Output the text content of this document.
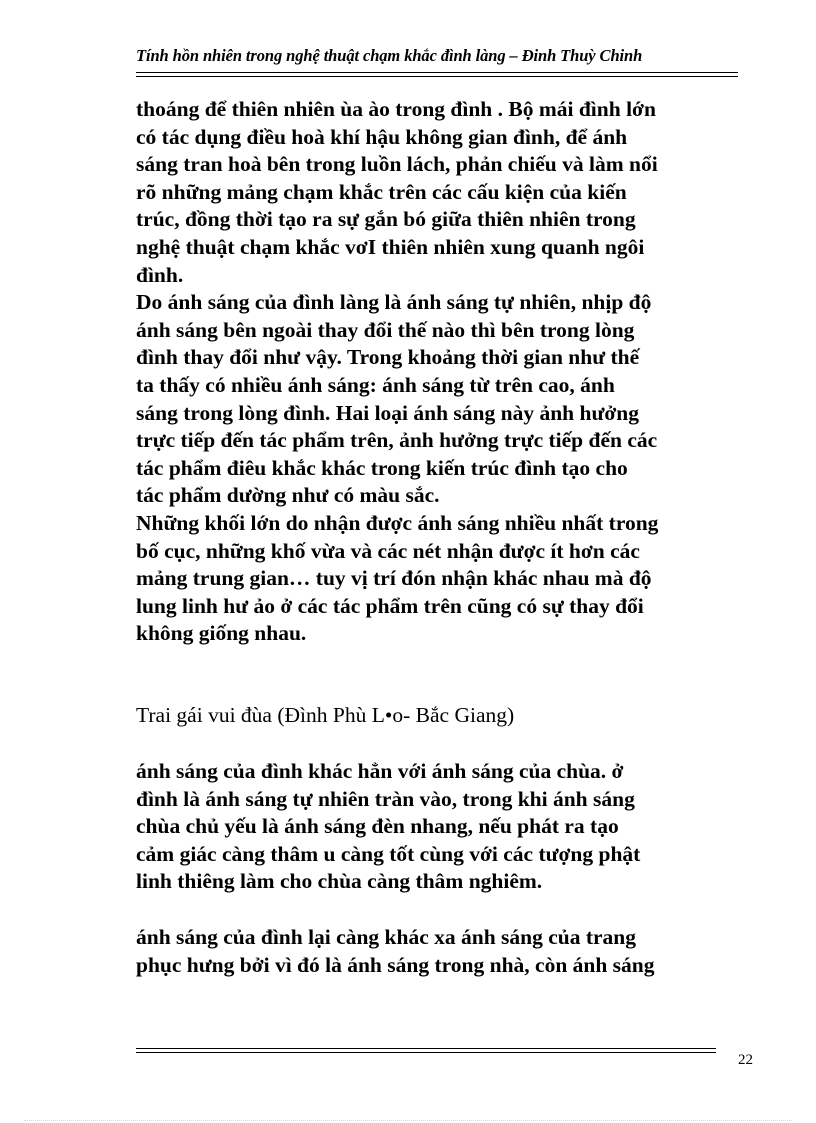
Tính hồn nhiên trong nghệ thuật chạm khắc đình làng – Đinh Thuỳ Chinh

thoáng để thiên nhiên ùa ào trong đình . Bộ mái đình lớn
có tác dụng điều hoà khí hậu không gian đình, để ánh
sáng tran hoà bên trong luồn lách, phản chiếu và làm nổi
rõ những mảng chạm khắc trên các cấu kiện của kiến
trúc, đồng thời tạo ra sự gắn bó giữa thiên nhiên trong
nghệ thuật chạm khắc vơI thiên nhiên xung quanh ngôi
đình.

Do ánh sáng của đình làng là ánh sáng tự nhiên, nhịp độ
ánh sáng bên ngoài thay đổi thế nào thì bên trong lòng
đình thay đổi như vậy. Trong khoảng thời gian như thế
ta thấy có nhiều ánh sáng: ánh sáng từ trên cao, ánh
sáng trong lòng đình. Hai loại ánh sáng này ảnh hưởng
trực tiếp đến tác phẩm trên, ảnh hưởng trực tiếp đến các
tác phẩm điêu khắc khác trong kiến trúc đình tạo cho
tác phẩm dường như có màu sắc.

Những khối lớn do nhận được ánh sáng nhiều nhất trong
bố cục, những khố vừa và các nét nhận được ít hơn các
mảng trung gian… tuy vị trí đón nhận khác nhau mà độ
lung linh hư ảo ở các tác phẩm trên cũng có sự thay đổi
không giống nhau.

Trai gái vui đùa (Đình Phù L•o- Bắc Giang)

ánh sáng của đình khác hẳn với ánh sáng của chùa. ở
đình là ánh sáng tự nhiên tràn vào, trong khi ánh sáng
chùa chủ yếu là ánh sáng đèn nhang, nếu phát ra tạo
cảm giác càng thâm u càng tốt cùng với các tượng phật
linh thiêng làm cho chùa càng thâm nghiêm.

ánh sáng của đình lại càng khác xa ánh sáng của trang
phục hưng bởi vì đó là ánh sáng trong nhà, còn ánh sáng

22
